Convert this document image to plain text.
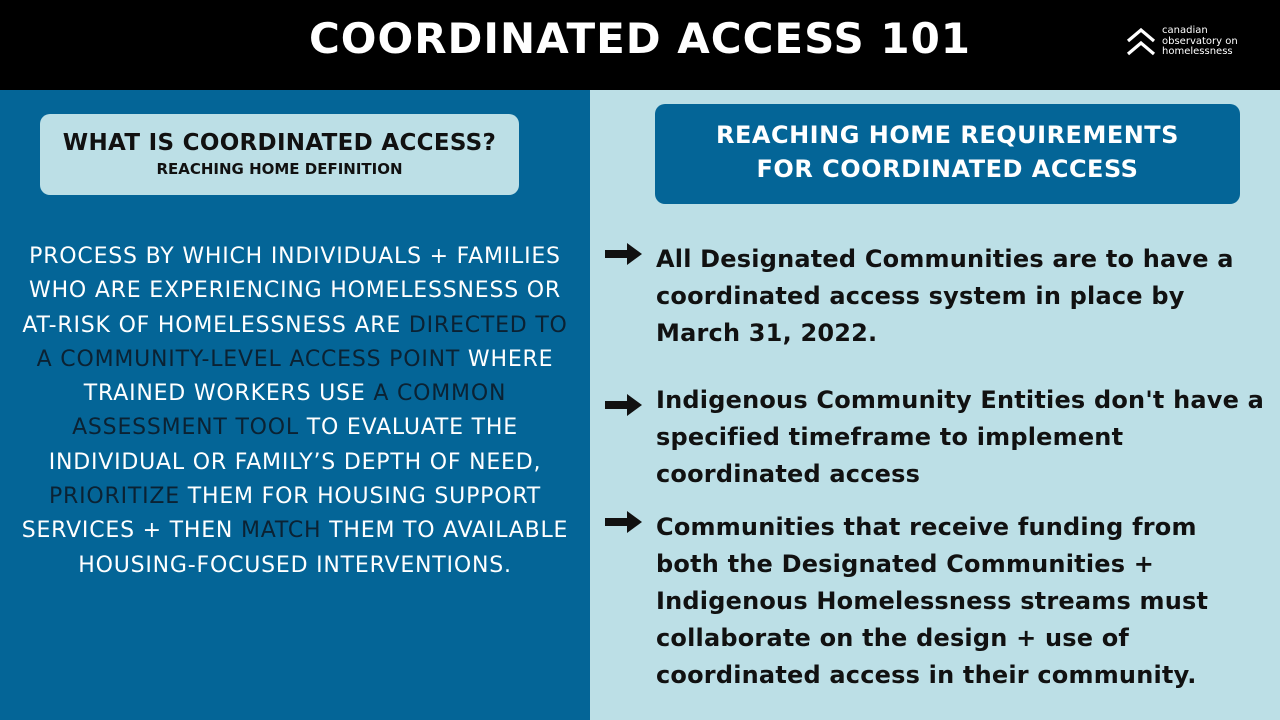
COORDINATED ACCESS 101	canadian
observatory on
homelessness
WHAT IS COORDINATED ACCESS?
REACHING HOME DEFINITION
PROCESS BY WHICH INDIVIDUALS + FAMILIES WHO ARE EXPERIENCING HOMELESSNESS OR AT-RISK OF HOMELESSNESS ARE DIRECTED TO A COMMUNITY-LEVEL ACCESS POINT WHERE TRAINED WORKERS USE A COMMON ASSESSMENT TOOL TO EVALUATE THE INDIVIDUAL OR FAMILY’S DEPTH OF NEED, PRIORITIZE THEM FOR HOUSING SUPPORT SERVICES + THEN MATCH THEM TO AVAILABLE HOUSING-FOCUSED INTERVENTIONS.
REACHING HOME REQUIREMENTS
FOR COORDINATED ACCESS
All Designated Communities are to have a coordinated access system in place by March 31, 2022.
Indigenous Community Entities don't have a specified timeframe to implement coordinated access
Communities that receive funding from both the Designated Communities + Indigenous Homelessness streams must collaborate on the design + use of coordinated access in their community.
